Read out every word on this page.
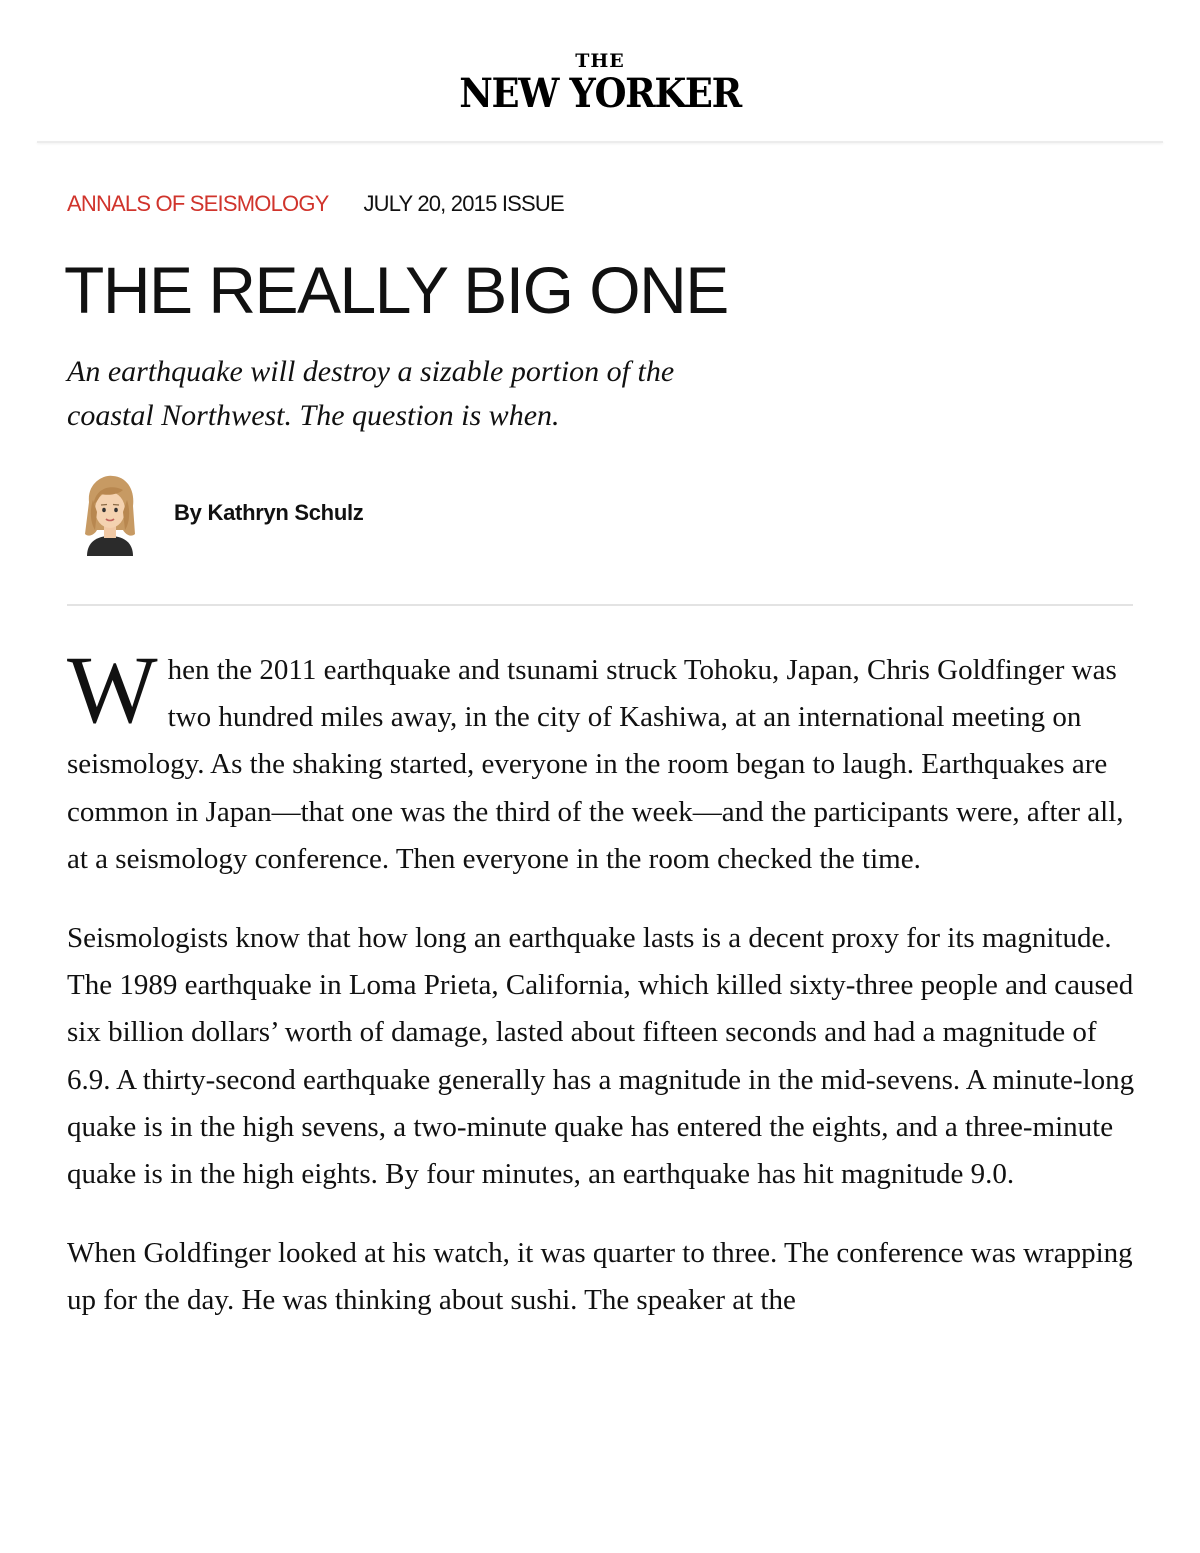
THE
NEW YORKER
ANNALS OF SEISMOLOGY JULY 20, 2015 ISSUE
THE REALLY BIG ONE

An earthquake will destroy a sizable portion of the coastal Northwest. The question is when.

By Kathryn Schulz

When the 2011 earthquake and tsunami struck Tohoku, Japan, Chris Goldfinger was two hundred miles away, in the city of Kashiwa, at an international meeting on seismology. As the shaking started, everyone in the room began to laugh. Earthquakes are common in Japan—that one was the third of the week—and the participants were, after all, at a seismology conference. Then everyone in the room checked the time.

Seismologists know that how long an earthquake lasts is a decent proxy for its magnitude. The 1989 earthquake in Loma Prieta, California, which killed sixty-three people and caused six billion dollars’ worth of damage, lasted about fifteen seconds and had a magnitude of 6.9. A thirty-second earthquake generally has a magnitude in the mid-sevens. A minute-long quake is in the high sevens, a two-minute quake has entered the eights, and a three-minute quake is in the high eights. By four minutes, an earthquake has hit magnitude 9.0.

When Goldfinger looked at his watch, it was quarter to three. The conference was wrapping up for the day. He was thinking about sushi. The speaker at the
